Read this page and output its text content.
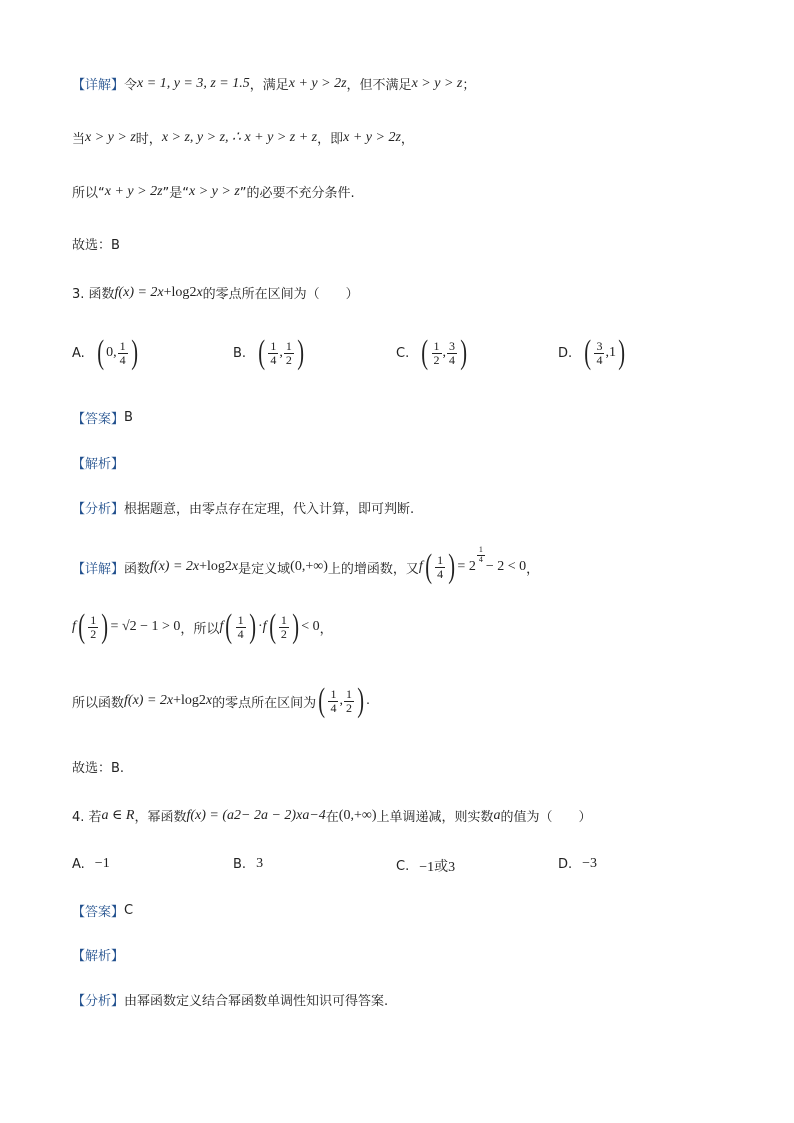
【详解】 令 x = 1, y = 3, z = 1.5 ，满足 x + y > 2z ，但不满足 x > y > z ；
当 x > y > z 时， x > z, y > z, ∴ x + y > z + z ，即 x + y > 2z ，
所以“ x + y > 2z ”是“ x > y > z ”的必要不充分条件.
故选：B
3. 函数 f(x) = 2 x +log 2 x 的零点所在区间为（　　）
A. ( 0, $\frac{1}{4}$ )	B. ( $\frac{1}{4}$ , $\frac{1}{2}$ )	C. ( $\frac{1}{2}$ , $\frac{3}{4}$ )	D. ( $\frac{3}{4} ,1$ )
【答案】 B
【解析】
【分析】 根据题意，由零点存在定理，代入计算，即可判断.
【详解】 函数 f(x) = 2 x +log 2 x 是定义域 (0,+∞) 上的增函数，又 f ( $\frac{1}{4}$ ) = 2
$\frac{1}{4}$
− 2 < 0 ，
f ( $\frac{1}{2}$ ) = √2 − 1 > 0 ，所以 f ( $\frac{1}{4}$ ) · f ( $\frac{1}{2}$ ) < 0 ，
所以函数 f(x) = 2 x +log 2 x 的零点所在区间为 ( $\frac{1}{4}$ , $\frac{1}{2}$ ) .
故选：B.
4. 若 a ∈ R ，幂函数 f(x) = (a 2 − 2a − 2)x a−4 在 (0,+∞) 上单调递减，则实数 a 的值为（　　）
A. −1	B. 3	C. −1或3	D. −3
【答案】 C
【解析】
【分析】 由幂函数定义结合幂函数单调性知识可得答案.
